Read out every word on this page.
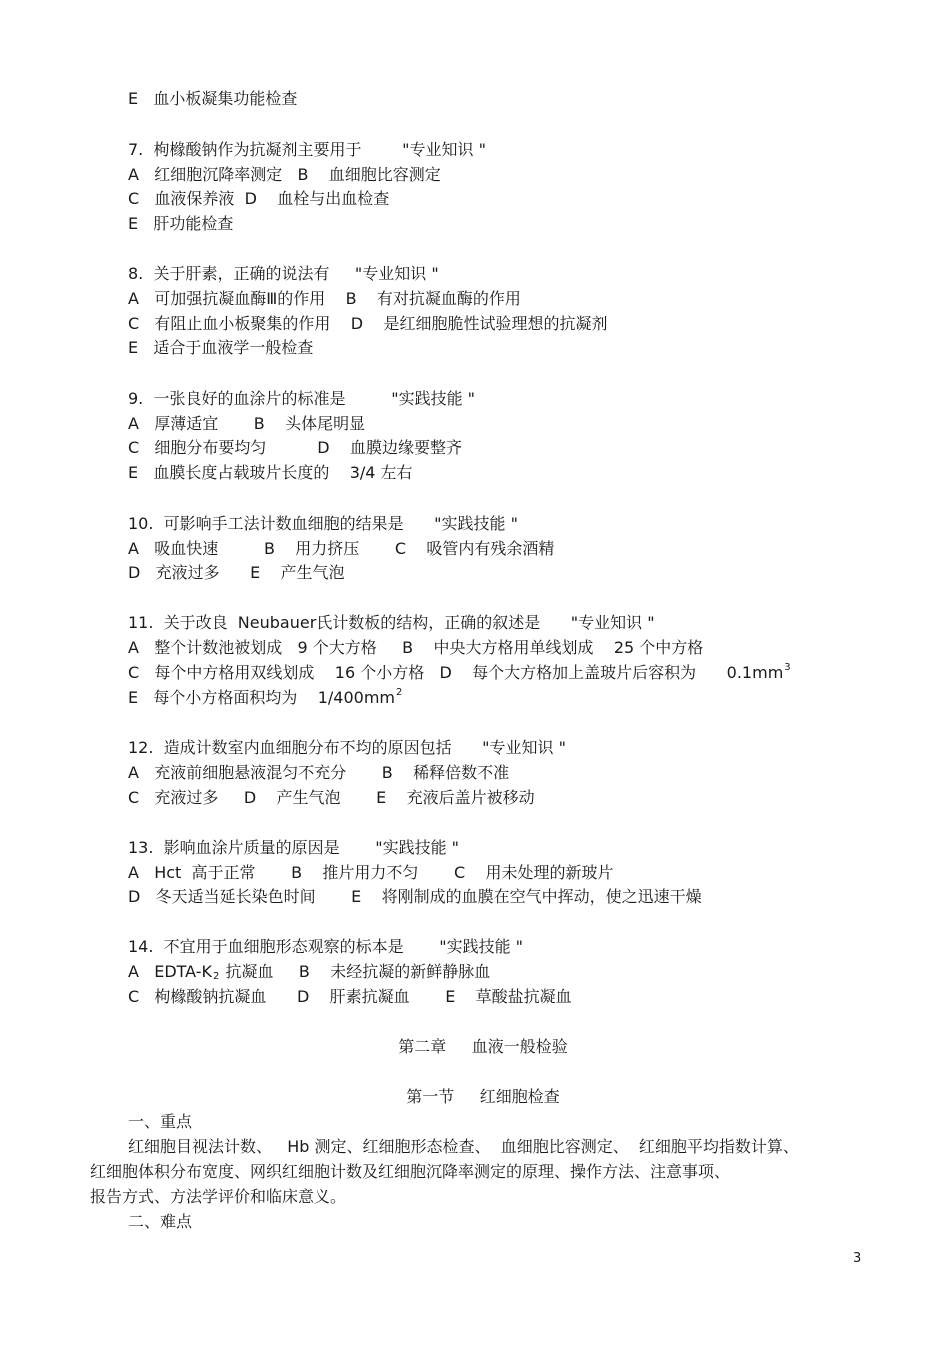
E   血小板凝集功能检查

7.  枸橼酸钠作为抗凝剂主要用于        "专业知识 "

A   红细胞沉降率测定   B    血细胞比容测定

C   血液保养液  D    血栓与出血检查

E   肝功能检查

8.  关于肝素，正确的说法有     "专业知识 "

A   可加强抗凝血酶Ⅲ的作用    B    有对抗凝血酶的作用

C   有阻止血小板聚集的作用    D    是红细胞脆性试验理想的抗凝剂

E   适合于血液学一般检查

9.  一张良好的血涂片的标准是         "实践技能 "

A   厚薄适宜       B    头体尾明显

C   细胞分布要均匀          D    血膜边缘要整齐

E   血膜长度占载玻片长度的    3/4 左右

10.  可影响手工法计数血细胞的结果是      "实践技能 "

A   吸血快速         B    用力挤压       C    吸管内有残余酒精

D   充液过多      E    产生气泡

11.  关于改良  Neubauer氏计数板的结构，正确的叙述是      "专业知识 "

A   整个计数池被划成   9 个大方格     B    中央大方格用单线划成    25 个中方格

C   每个中方格用双线划成    16 个小方格   D    每个大方格加上盖玻片后容积为      $0.1mm^3$

E   每个小方格面积均为    $1/400mm^2$

12.  造成计数室内血细胞分布不均的原因包括      "专业知识 "

A   充液前细胞悬液混匀不充分       B    稀释倍数不准

C   充液过多     D    产生气泡       E    充液后盖片被移动

13.  影响血涂片质量的原因是       "实践技能 "

A   Hct  高于正常       B    推片用力不匀       C    用未处理的新玻片

D   冬天适当延长染色时间       E    将刚制成的血膜在空气中挥动，使之迅速干燥

14.  不宜用于血细胞形态观察的标本是       "实践技能 "

A   EDTA-$K_2$ 抗凝血     B    未经抗凝的新鲜静脉血

C   枸橼酸钠抗凝血      D    肝素抗凝血       E    草酸盐抗凝血

第二章     血液一般检验

第一节     红细胞检查

一、重点

红细胞目视法计数、   Hb 测定、红细胞形态检查、  血细胞比容测定、  红细胞平均指数计算、

红细胞体积分布宽度、网织红细胞计数及红细胞沉降率测定的原理、操作方法、注意事项、

报告方式、方法学评价和临床意义。

二、难点

3
